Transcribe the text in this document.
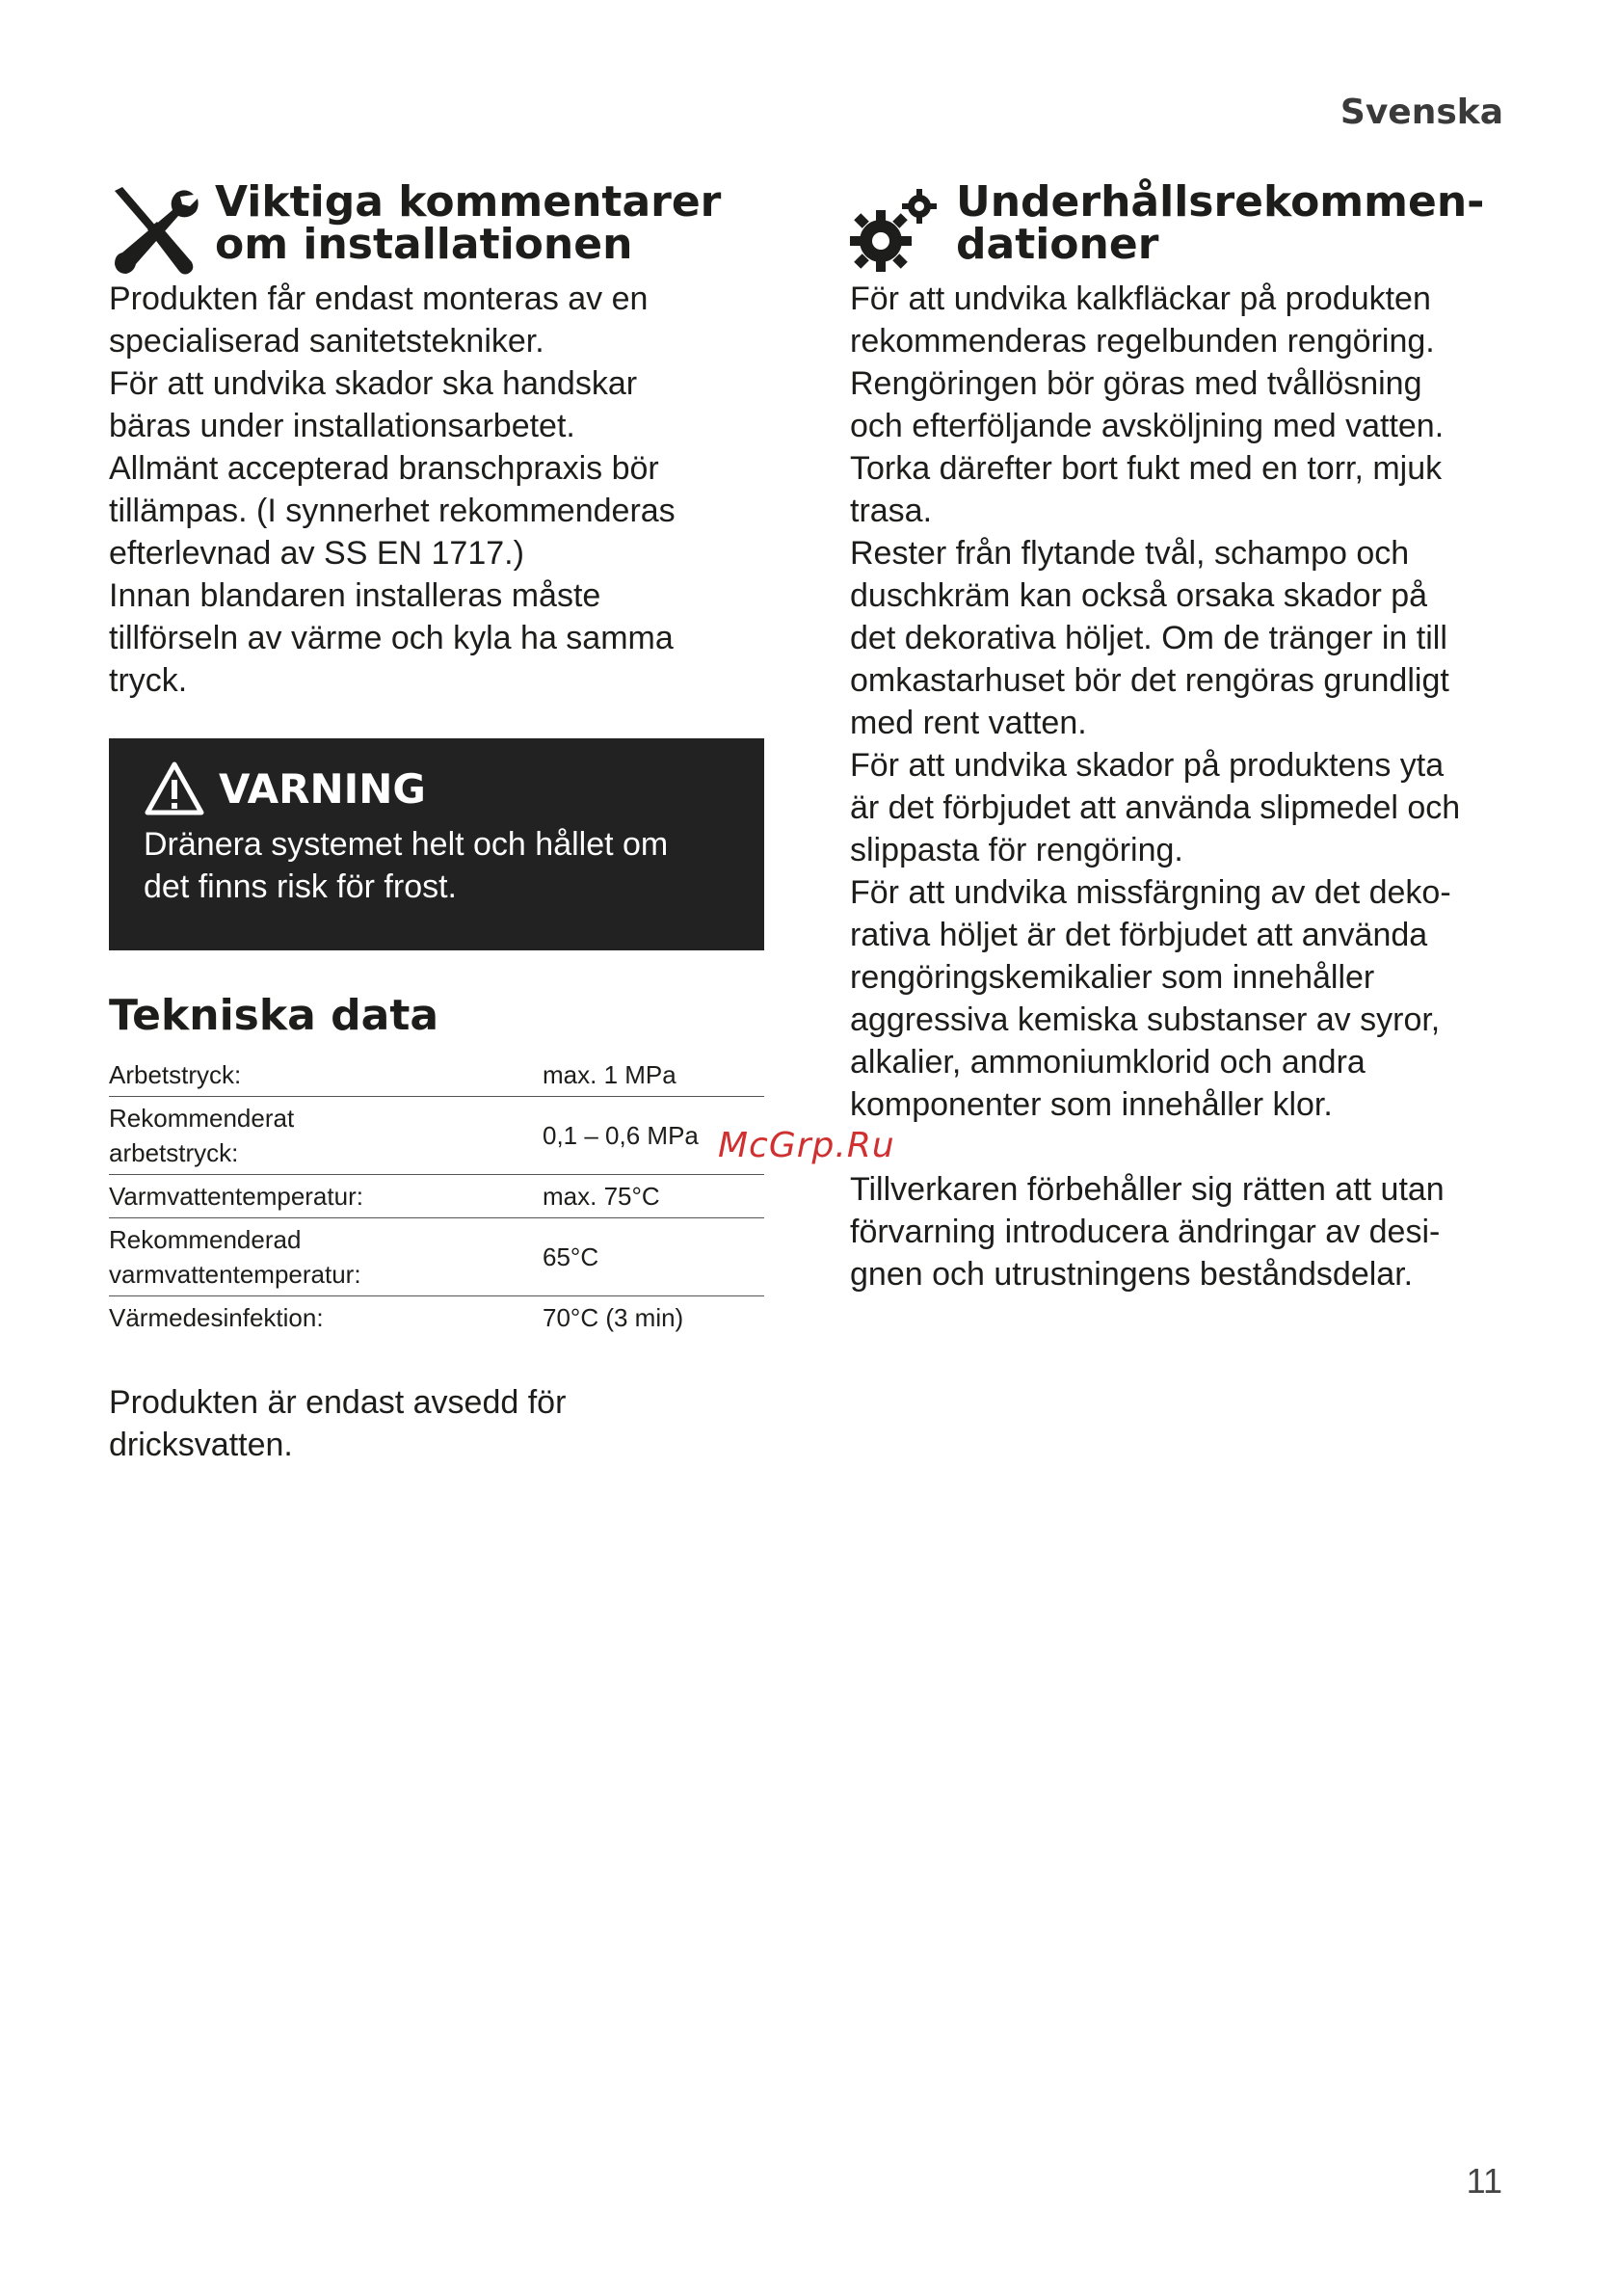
Svenska
Viktiga kommentarer
om installationen
Produkten får endast monteras av en
specialiserad sanitetstekniker.
För att undvika skador ska handskar
bäras under installationsarbetet.
Allmänt accepterad branschpraxis bör
tillämpas. (I synnerhet rekommenderas
efterlevnad av SS EN 1717.)
Innan blandaren installeras måste
tillförseln av värme och kyla ha samma
tryck.
VARNING
Dränera systemet helt och hållet om
det finns risk för frost.
Tekniska data
Arbetstryck:	max. 1 MPa
Rekommenderat
arbetstryck:	0,1 – 0,6 MPa
Varmvattentemperatur:	max. 75°C
Rekommenderad
varmvattentemperatur:	65°C
Värmedesinfektion:	70°C (3 min)
Produkten är endast avsedd för
dricksvatten.
Underhållsrekommen-
dationer
För att undvika kalkfläckar på produkten
rekommenderas regelbunden rengöring.
Rengöringen bör göras med tvållösning
och efterföljande avsköljning med vatten.
Torka därefter bort fukt med en torr, mjuk
trasa.
Rester från flytande tvål, schampo och
duschkräm kan också orsaka skador på
det dekorativa höljet. Om de tränger in till
omkastarhuset bör det rengöras grundligt
med rent vatten.
För att undvika skador på produktens yta
är det förbjudet att använda slipmedel och
slippasta för rengöring.
För att undvika missfärgning av det deko-
rativa höljet är det förbjudet att använda
rengöringskemikalier som innehåller
aggressiva kemiska substanser av syror,
alkalier, ammoniumklorid och andra
komponenter som innehåller klor.
Tillverkaren förbehåller sig rätten att utan
förvarning introducera ändringar av desi-
gnen och utrustningens beståndsdelar.
McGrp.Ru
11
